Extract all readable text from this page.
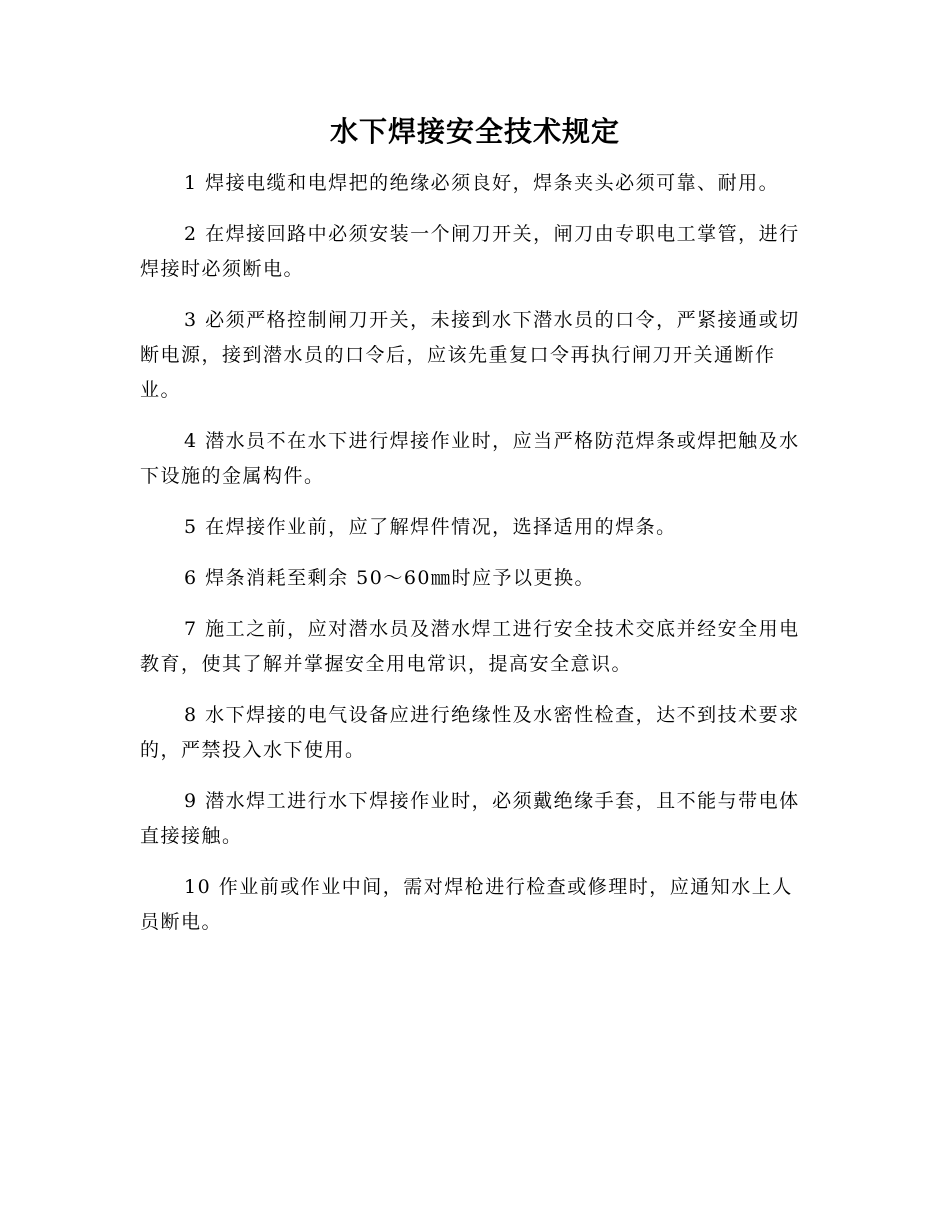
水下焊接安全技术规定

1 焊接电缆和电焊把的绝缘必须良好，焊条夹头必须可靠、耐用。

2 在焊接回路中必须安装一个闸刀开关，闸刀由专职电工掌管，进行焊接时必须断电。

3 必须严格控制闸刀开关，未接到水下潜水员的口令，严紧接通或切断电源，接到潜水员的口令后，应该先重复口令再执行闸刀开关通断作业。

4 潜水员不在水下进行焊接作业时，应当严格防范焊条或焊把触及水下设施的金属构件。

5 在焊接作业前，应了解焊件情况，选择适用的焊条。

6 焊条消耗至剩余 50～60㎜时应予以更换。

7 施工之前，应对潜水员及潜水焊工进行安全技术交底并经安全用电教育，使其了解并掌握安全用电常识，提高安全意识。

8 水下焊接的电气设备应进行绝缘性及水密性检查，达不到技术要求的，严禁投入水下使用。

9 潜水焊工进行水下焊接作业时，必须戴绝缘手套，且不能与带电体直接接触。

10 作业前或作业中间，需对焊枪进行检查或修理时，应通知水上人员断电。
